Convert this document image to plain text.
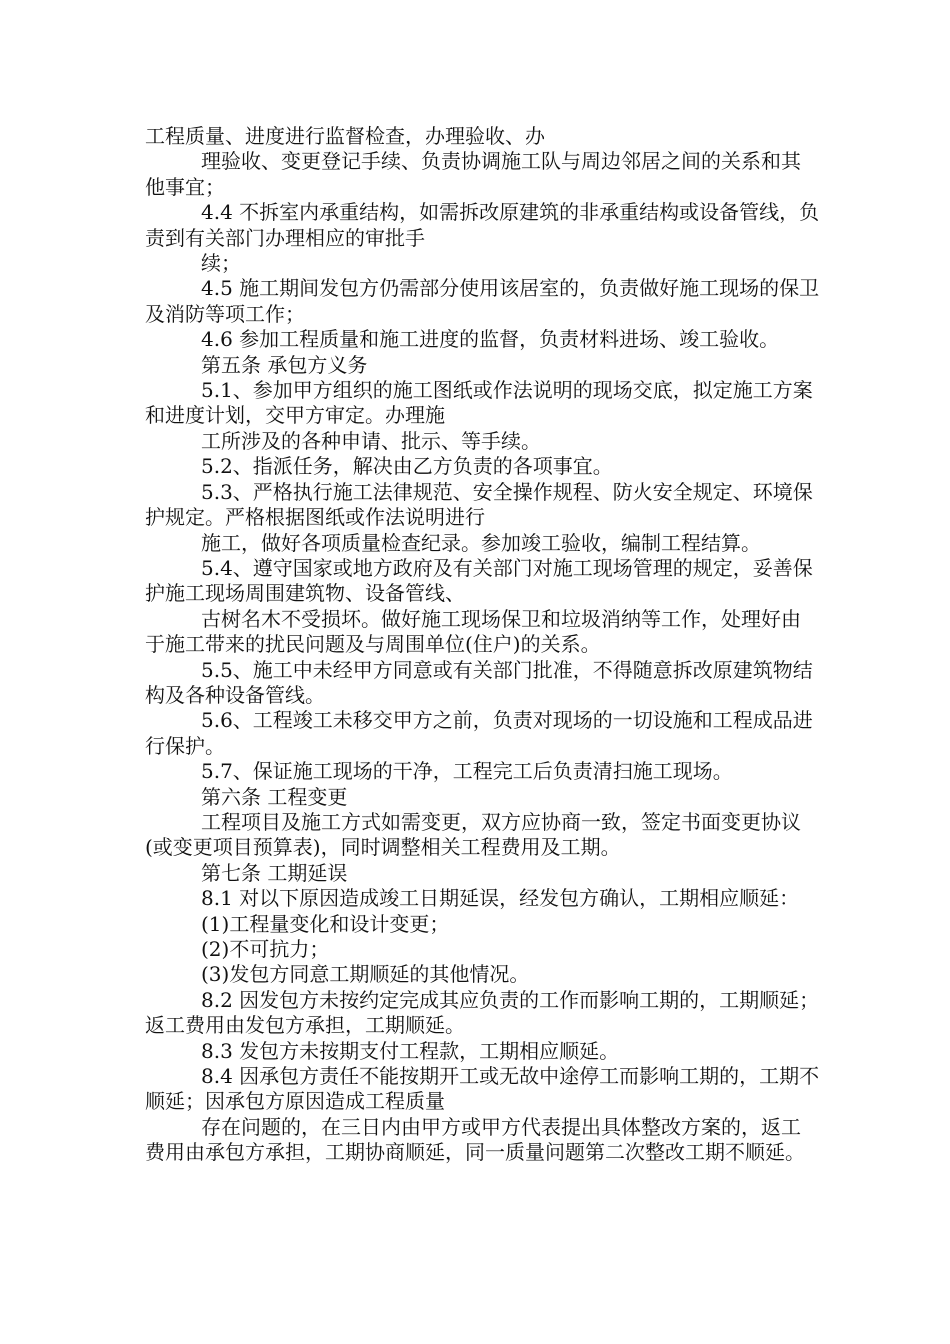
工程质量、进度进行监督检查，办理验收、办

理验收、变更登记手续、负责协调施工队与周边邻居之间的关系和其他事宜；

4.4 不拆室内承重结构，如需拆改原建筑的非承重结构或设备管线，负责到有关部门办理相应的审批手

续；

4.5 施工期间发包方仍需部分使用该居室的，负责做好施工现场的保卫及消防等项工作；

4.6 参加工程质量和施工进度的监督，负责材料进场、竣工验收。

第五条 承包方义务

5.1、参加甲方组织的施工图纸或作法说明的现场交底，拟定施工方案和进度计划，交甲方审定。办理施

工所涉及的各种申请、批示、等手续。

5.2、指派任务，解决由乙方负责的各项事宜。

5.3、严格执行施工法律规范、安全操作规程、防火安全规定、环境保护规定。严格根据图纸或作法说明进行

施工，做好各项质量检查纪录。参加竣工验收，编制工程结算。

5.4、遵守国家或地方政府及有关部门对施工现场管理的规定，妥善保护施工现场周围建筑物、设备管线、

古树名木不受损坏。做好施工现场保卫和垃圾消纳等工作，处理好由于施工带来的扰民问题及与周围单位(住户)的关系。

5.5、施工中未经甲方同意或有关部门批准，不得随意拆改原建筑物结构及各种设备管线。

5.6、工程竣工未移交甲方之前，负责对现场的一切设施和工程成品进行保护。

5.7、保证施工现场的干净，工程完工后负责清扫施工现场。

第六条 工程变更

工程项目及施工方式如需变更，双方应协商一致，签定书面变更协议(或变更项目预算表)，同时调整相关工程费用及工期。

第七条 工期延误

8.1 对以下原因造成竣工日期延误，经发包方确认，工期相应顺延：

(1)工程量变化和设计变更；

(2)不可抗力；

(3)发包方同意工期顺延的其他情况。

8.2 因发包方未按约定完成其应负责的工作而影响工期的，工期顺延；返工费用由发包方承担，工期顺延。

8.3 发包方未按期支付工程款，工期相应顺延。

8.4 因承包方责任不能按期开工或无故中途停工而影响工期的，工期不顺延；因承包方原因造成工程质量

存在问题的，在三日内由甲方或甲方代表提出具体整改方案的，返工费用由承包方承担，工期协商顺延，同一质量问题第二次整改工期不顺延。
